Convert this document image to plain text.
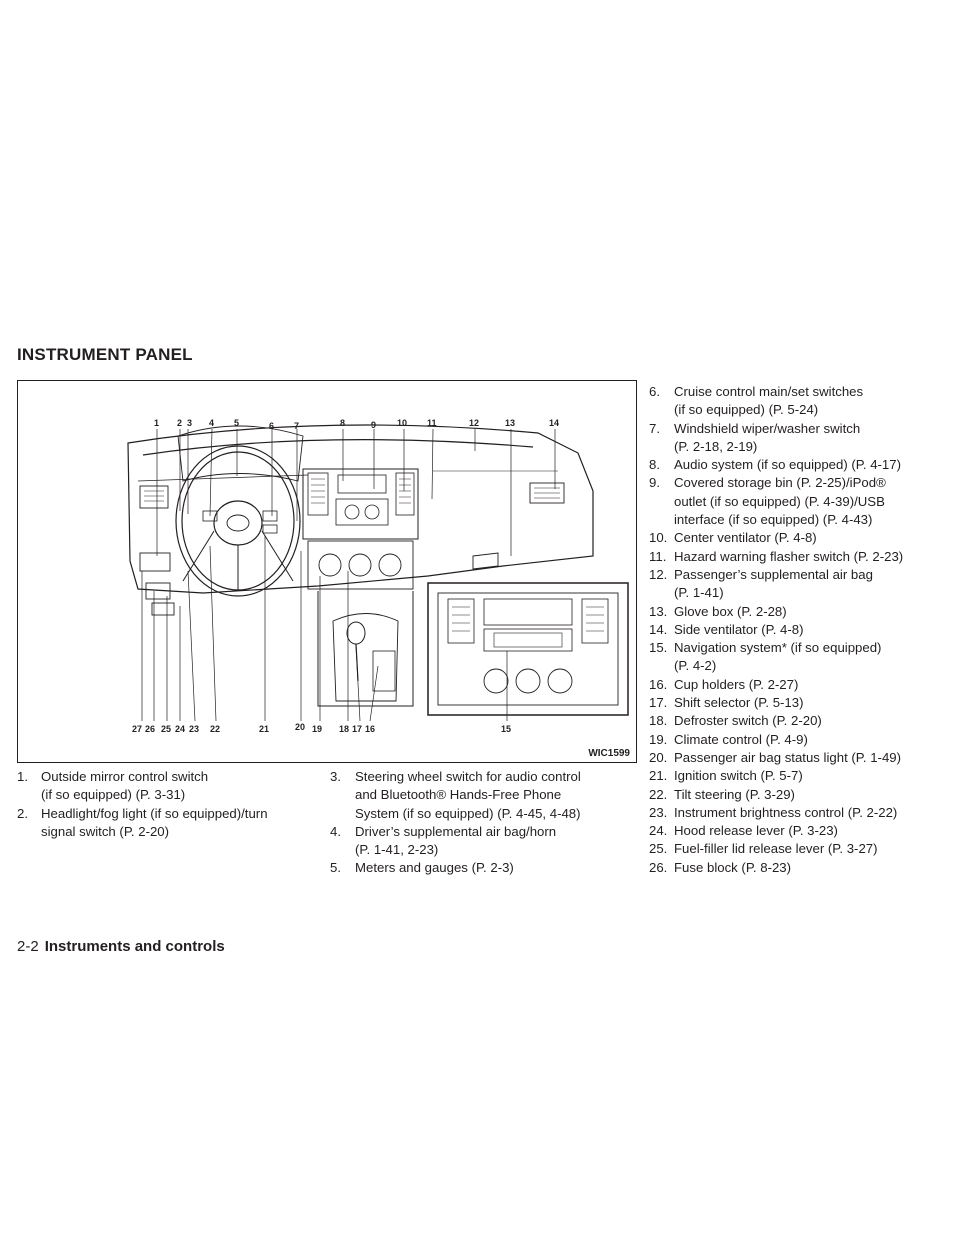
INSTRUMENT PANEL
1 2 3 4 5	6 7	8	9 10 11	12	13	14
27 26 25 24 23 22	21	20 19 18 17 16	15
WIC1599
1. Outside mirror control switch
(if so equipped) (P. 3-31)
2. Headlight/fog light (if so equipped)/turn
signal switch (P. 2-20)
3.	Steering wheel switch for audio control
and Bluetooth® Hands-Free Phone
System (if so equipped) (P. 4-45, 4-48)
4.	Driver’s supplemental air bag/horn
(P. 1-41, 2-23)
5.	Meters and gauges (P. 2-3)
6.	Cruise control main/set switches
(if so equipped) (P. 5-24)
7.	Windshield wiper/washer switch
(P. 2-18, 2-19)
8.	Audio system (if so equipped) (P. 4-17)
9.	Covered storage bin (P. 2-25)/iPod®
outlet (if so equipped) (P. 4-39)/USB
interface (if so equipped) (P. 4-43)
10. Center ventilator (P. 4-8)
11. Hazard warning flasher switch (P. 2-23)
12. Passenger’s supplemental air bag
(P. 1-41)
13. Glove box (P. 2-28)
14. Side ventilator (P. 4-8)
15. Navigation system* (if so equipped)
(P. 4-2)
16. Cup holders (P. 2-27)
17. Shift selector (P. 5-13)
18. Defroster switch (P. 2-20)
19. Climate control (P. 4-9)
20. Passenger air bag status light (P. 1-49)
21. Ignition switch (P. 5-7)
22. Tilt steering (P. 3-29)
23. Instrument brightness control (P. 2-22)
24. Hood release lever (P. 3-23)
25. Fuel-filler lid release lever (P. 3-27)
26. Fuse block (P. 8-23)
2-2 Instruments and controls
